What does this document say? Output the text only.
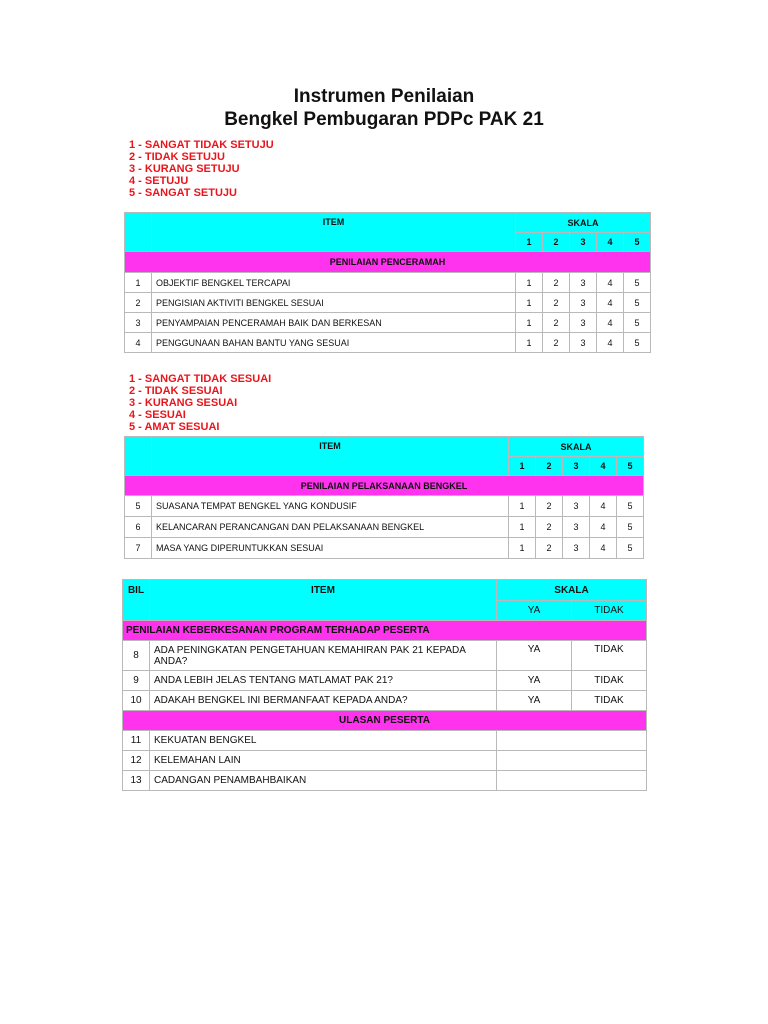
Instrumen Penilaian
Bengkel Pembugaran PDPc PAK 21
1 - SANGAT TIDAK SETUJU
2 - TIDAK SETUJU
3 - KURANG SETUJU
4 - SETUJU
5 - SANGAT SETUJU
	ITEM	SKALA				
		1	2	3	4	5
PENILAIAN PENCERAMAH						
1	OBJEKTIF BENGKEL TERCAPAI	1	2	3	4	5
2	PENGISIAN AKTIVITI BENGKEL SESUAI	1	2	3	4	5
3	PENYAMPAIAN PENCERAMAH BAIK DAN BERKESAN	1	2	3	4	5
4	PENGGUNAAN BAHAN BANTU YANG SESUAI	1	2	3	4	5
1 - SANGAT TIDAK SESUAI
2 - TIDAK SESUAI
3 - KURANG SESUAI
4 - SESUAI
5 - AMAT SESUAI
	ITEM	SKALA				
		1	2	3	4	5
PENILAIAN PELAKSANAAN BENGKEL						
5	SUASANA TEMPAT BENGKEL YANG KONDUSIF	1	2	3	4	5
6	KELANCARAN PERANCANGAN DAN PELAKSANAAN BENGKEL	1	2	3	4	5
7	MASA YANG DIPERUNTUKKAN SESUAI	1	2	3	4	5
BIL	ITEM	SKALA	
		YA	TIDAK
PENILAIAN KEBERKESANAN PROGRAM TERHADAP PESERTA			
8	ADA PENINGKATAN PENGETAHUAN KEMAHIRAN PAK 21 KEPADA
ANDA?	YA	TIDAK
9	ANDA LEBIH JELAS TENTANG MATLAMAT PAK 21?	YA	TIDAK
10	ADAKAH BENGKEL INI BERMANFAAT KEPADA ANDA?	YA	TIDAK
ULASAN PESERTA			
11	KEKUATAN BENGKEL		
12	KELEMAHAN LAIN		
13	CADANGAN PENAMBAHBAIKAN		
